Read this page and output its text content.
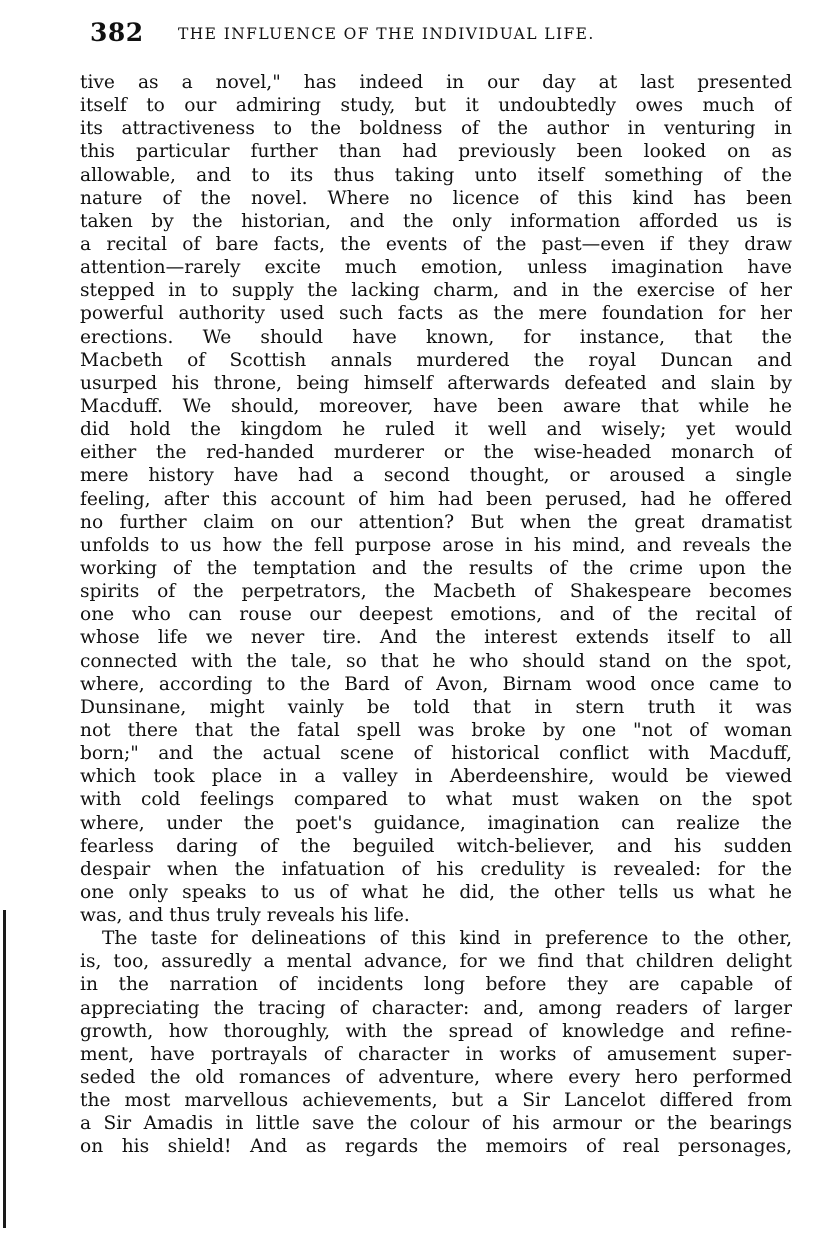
382 THE INFLUENCE OF THE INDIVIDUAL LIFE.
tive as a novel," has indeed in our day at last presented
itself to our admiring study, but it undoubtedly owes much of
its attractiveness to the boldness of the author in venturing in
this particular further than had previously been looked on as
allowable, and to its thus taking unto itself something of the
nature of the novel. Where no licence of this kind has been
taken by the historian, and the only information afforded us is
a recital of bare facts, the events of the past—even if they draw
attention—rarely excite much emotion, unless imagination have
stepped in to supply the lacking charm, and in the exercise of her
powerful authority used such facts as the mere foundation for her
erections. We should have known, for instance, that the
Macbeth of Scottish annals murdered the royal Duncan and
usurped his throne, being himself afterwards defeated and slain by
Macduff. We should, moreover, have been aware that while he
did hold the kingdom he ruled it well and wisely; yet would
either the red-handed murderer or the wise-headed monarch of
mere history have had a second thought, or aroused a single
feeling, after this account of him had been perused, had he offered
no further claim on our attention? But when the great dramatist
unfolds to us how the fell purpose arose in his mind, and reveals the
working of the temptation and the results of the crime upon the
spirits of the perpetrators, the Macbeth of Shakespeare becomes
one who can rouse our deepest emotions, and of the recital of
whose life we never tire. And the interest extends itself to all
connected with the tale, so that he who should stand on the spot,
where, according to the Bard of Avon, Birnam wood once came to
Dunsinane, might vainly be told that in stern truth it was
not there that the fatal spell was broke by one "not of woman
born;" and the actual scene of historical conflict with Macduff,
which took place in a valley in Aberdeenshire, would be viewed
with cold feelings compared to what must waken on the spot
where, under the poet's guidance, imagination can realize the
fearless daring of the beguiled witch-believer, and his sudden
despair when the infatuation of his credulity is revealed: for the
one only speaks to us of what he did, the other tells us what he
was, and thus truly reveals his life.
The taste for delineations of this kind in preference to the other,
is, too, assuredly a mental advance, for we find that children delight
in the narration of incidents long before they are capable of
appreciating the tracing of character: and, among readers of larger
growth, how thoroughly, with the spread of knowledge and refine-
ment, have portrayals of character in works of amusement super-
seded the old romances of adventure, where every hero performed
the most marvellous achievements, but a Sir Lancelot differed from
a Sir Amadis in little save the colour of his armour or the bearings
on his shield! And as regards the memoirs of real personages,
